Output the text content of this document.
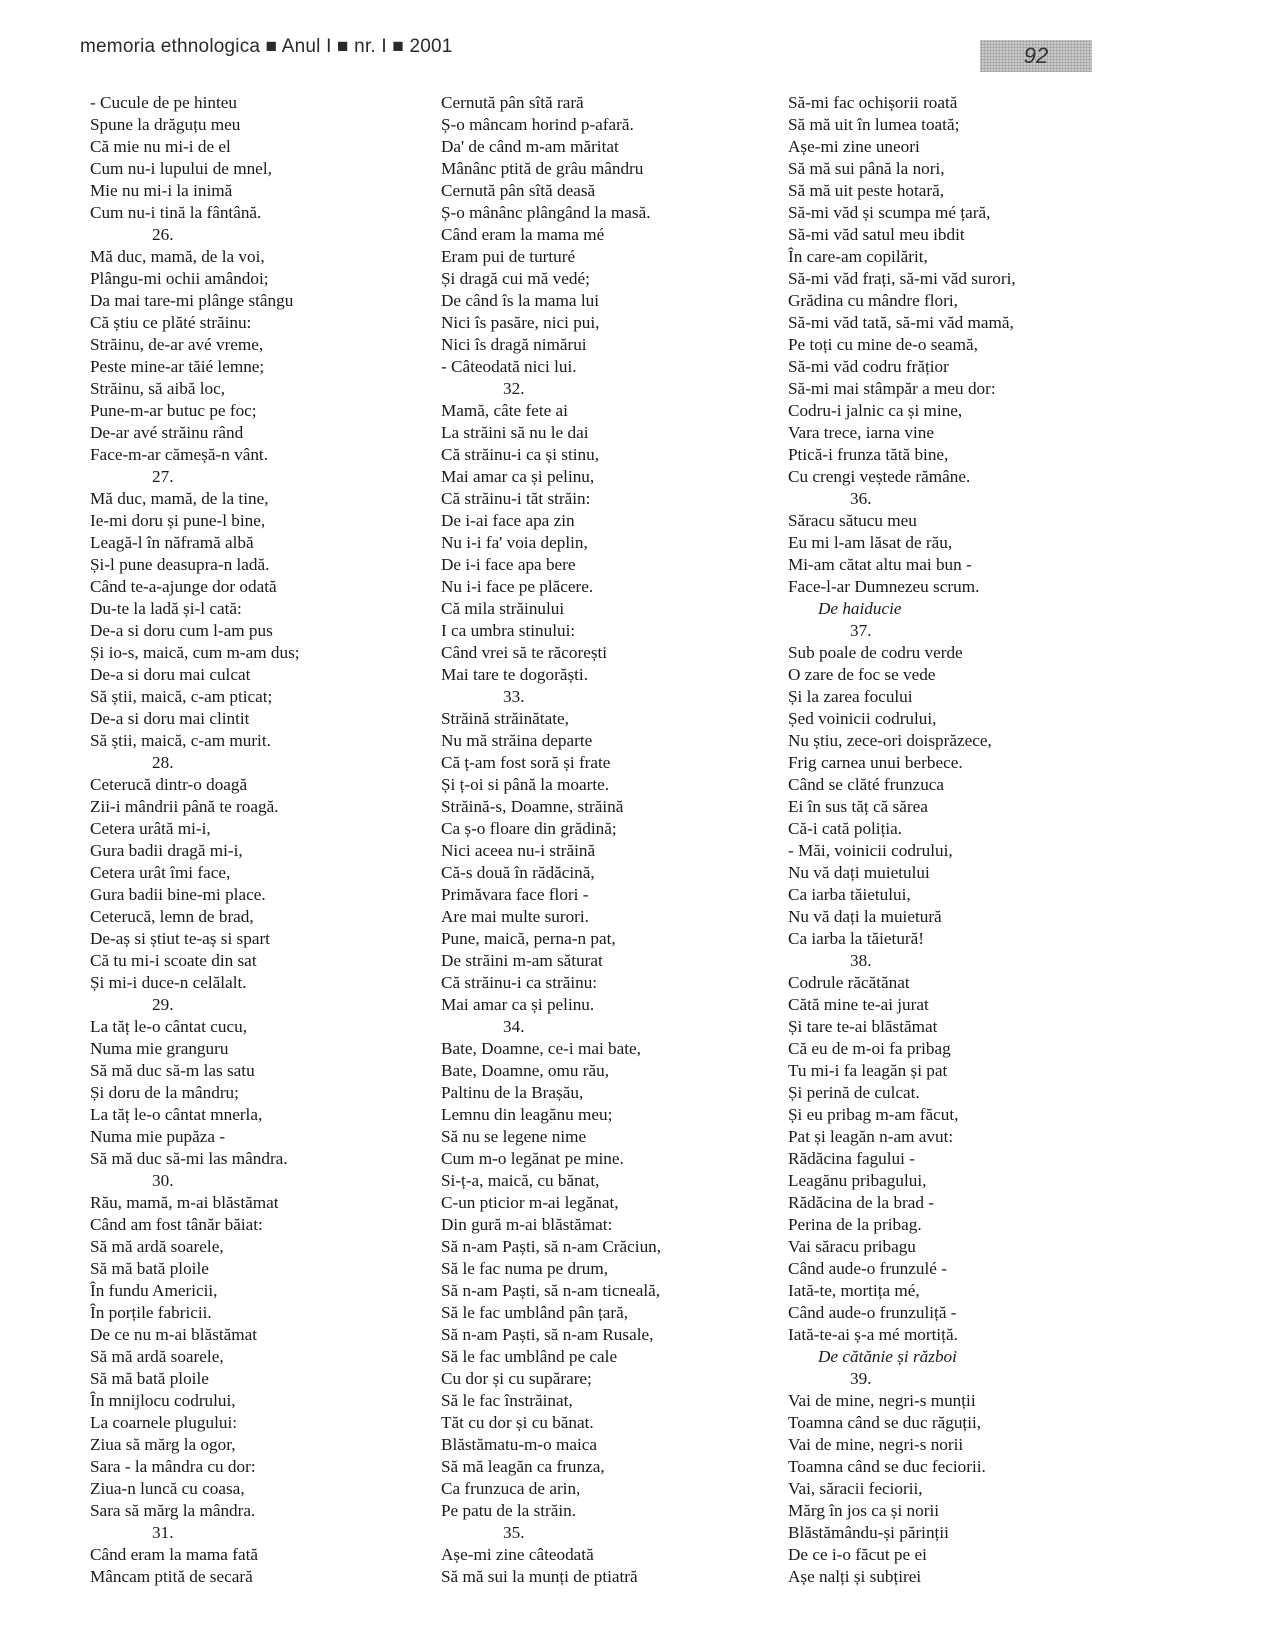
memoria ethnologica ■ Anul I ■ nr. I ■ 2001	92
- Cucule de pe hinteu
Spune la drăguțu meu
Că mie nu mi-i de el
Cum nu-i lupului de mnel,
Mie nu mi-i la inimă
Cum nu-i tină la fântână.
26.
Mă duc, mamă, de la voi,
Plângu-mi ochii amândoi;
Da mai tare-mi plânge stângu
Că știu ce plăté străinu:
Străinu, de-ar avé vreme,
Peste mine-ar tăié lemne;
Străinu, să aibă loc,
Pune-m-ar butuc pe foc;
De-ar avé străinu rând
Face-m-ar cămeșă-n vânt.
27.
Mă duc, mamă, de la tine,
Ie-mi doru și pune-l bine,
Leagă-l în năframă albă
Și-l pune deasupra-n ladă.
Când te-a-ajunge dor odată
Du-te la ladă și-l cată:
De-a si doru cum l-am pus
Și io-s, maică, cum m-am dus;
De-a si doru mai culcat
Să știi, maică, c-am pticat;
De-a si doru mai clintit
Să știi, maică, c-am murit.
28.
Ceterucă dintr-o doagă
Zii-i mândrii până te roagă.
Cetera urâtă mi-i,
Gura badii dragă mi-i,
Cetera urât îmi face,
Gura badii bine-mi place.
Ceterucă, lemn de brad,
De-aș si știut te-aș si spart
Că tu mi-i scoate din sat
Și mi-i duce-n celălalt.
29.
La tăț le-o cântat cucu,
Numa mie granguru
Să mă duc să-m las satu
Și doru de la mândru;
La tăț le-o cântat mnerla,
Numa mie pupăza -
Să mă duc să-mi las mândra.
30.
Rău, mamă, m-ai blăstămat
Când am fost tânăr băiat:
Să mă ardă soarele,
Să mă bată ploile
În fundu Americii,
În porțile fabricii.
De ce nu m-ai blăstămat
Să mă ardă soarele,
Să mă bată ploile
În mnijlocu codrului,
La coarnele plugului:
Ziua să mărg la ogor,
Sara - la mândra cu dor:
Ziua-n luncă cu coasa,
Sara să mărg la mândra.
31.
Când eram la mama fată
Mâncam ptită de secară
Cernută pân sîtă rară
Ș-o mâncam horind p-afară.
Da' de când m-am măritat
Mânânc ptită de grâu mândru
Cernută pân sîtă deasă
Ș-o mânânc plângând la masă.
Când eram la mama mé
Eram pui de turturé
Și dragă cui mă vedé;
De când îs la mama lui
Nici îs pasăre, nici pui,
Nici îs dragă nimărui
- Câteodată nici lui.
32.
Mamă, câte fete ai
La străini să nu le dai
Că străinu-i ca și stinu,
Mai amar ca și pelinu,
Că străinu-i tăt străin:
De i-ai face apa zin
Nu i-i fa' voia deplin,
De i-i face apa bere
Nu i-i face pe plăcere.
Că mila străinului
I ca umbra stinului:
Când vrei să te răcorești
Mai tare te dogorăști.
33.
Străină străinătate,
Nu mă străina departe
Că ț-am fost soră și frate
Și ț-oi si până la moarte.
Străină-s, Doamne, străină
Ca ș-o floare din grădină;
Nici aceea nu-i străină
Că-s două în rădăcină,
Primăvara face flori -
Are mai multe surori.
Pune, maică, perna-n pat,
De străini m-am săturat
Că străinu-i ca străinu:
Mai amar ca și pelinu.
34.
Bate, Doamne, ce-i mai bate,
Bate, Doamne, omu rău,
Paltinu de la Brașău,
Lemnu din leagănu meu;
Să nu se legene nime
Cum m-o legănat pe mine.
Si-ț-a, maică, cu bănat,
C-un pticior m-ai legănat,
Din gură m-ai blăstămat:
Să n-am Paști, să n-am Crăciun,
Să le fac numa pe drum,
Să n-am Paști, să n-am ticneală,
Să le fac umblând pân țară,
Să n-am Paști, să n-am Rusale,
Să le fac umblând pe cale
Cu dor și cu supărare;
Să le fac înstrăinat,
Tăt cu dor și cu bănat.
Blăstămatu-m-o maica
Să mă leagăn ca frunza,
Ca frunzuca de arin,
Pe patu de la străin.
35.
Așe-mi zine câteodată
Să mă sui la munți de ptiatră
Să-mi fac ochișorii roată
Să mă uit în lumea toată;
Așe-mi zine uneori
Să mă sui până la nori,
Să mă uit peste hotară,
Să-mi văd și scumpa mé țară,
Să-mi văd satul meu ibdit
În care-am copilărit,
Să-mi văd frați, să-mi văd surori,
Grădina cu mândre flori,
Să-mi văd tată, să-mi văd mamă,
Pe toți cu mine de-o seamă,
Să-mi văd codru frățior
Să-mi mai stâmpăr a meu dor:
Codru-i jalnic ca și mine,
Vara trece, iarna vine
Ptică-i frunza tătă bine,
Cu crengi veștede rămâne.
36.
Săracu sătucu meu
Eu mi l-am lăsat de rău,
Mi-am cătat altu mai bun -
Face-l-ar Dumnezeu scrum.
De haiducie
37.
Sub poale de codru verde
O zare de foc se vede
Și la zarea focului
Șed voinicii codrului,
Nu știu, zece-ori doisprăzece,
Frig carnea unui berbece.
Când se clăté frunzuca
Ei în sus tăț că sărea
Că-i cată poliția.
- Măi, voinicii codrului,
Nu vă dați muietului
Ca iarba tăietului,
Nu vă dați la muietură
Ca iarba la tăietură!
38.
Codrule răcătănat
Cătă mine te-ai jurat
Și tare te-ai blăstămat
Că eu de m-oi fa pribag
Tu mi-i fa leagăn și pat
Și perină de culcat.
Și eu pribag m-am făcut,
Pat și leagăn n-am avut:
Rădăcina fagului -
Leagănu pribagului,
Rădăcina de la brad -
Perina de la pribag.
Vai săracu pribagu
Când aude-o frunzulé -
Iată-te, mortița mé,
Când aude-o frunzuliță -
Iată-te-ai ș-a mé mortiță.
De cătănie și război
39.
Vai de mine, negri-s munții
Toamna când se duc răguții,
Vai de mine, negri-s norii
Toamna când se duc feciorii.
Vai, săracii feciorii,
Mărg în jos ca și norii
Blăstămându-și părinții
De ce i-o făcut pe ei
Așe nalți și subțirei
